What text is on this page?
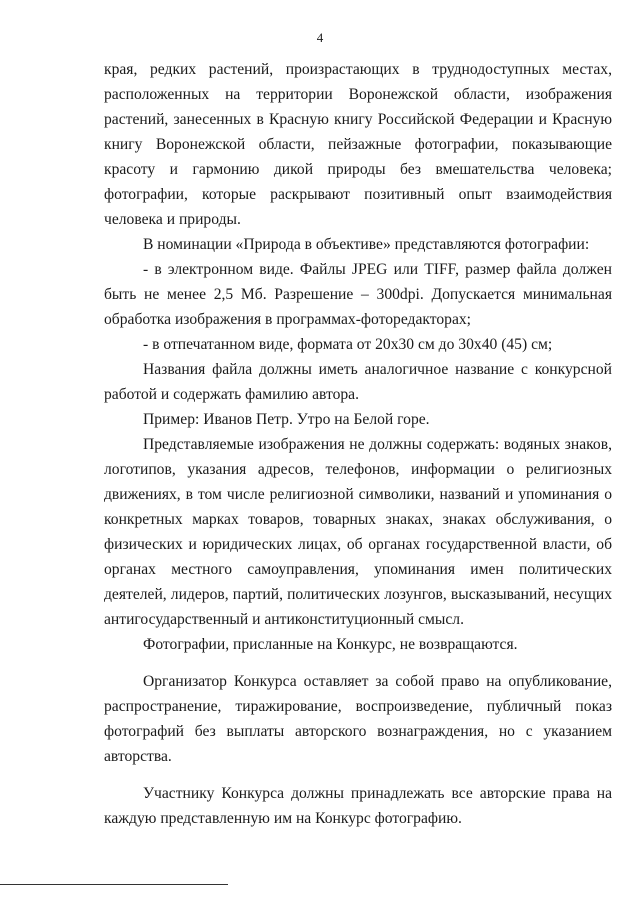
4

края, редких растений, произрастающих в труднодоступных местах, расположенных на территории Воронежской области, изображения растений, занесенных в Красную книгу Российской Федерации и Красную книгу Воронежской области, пейзажные фотографии, показывающие красоту и гармонию дикой природы без вмешательства человека; фотографии, которые раскрывают позитивный опыт взаимодействия человека и природы.

В номинации «Природа в объективе» представляются фотографии:

- в электронном виде. Файлы JPEG или TIFF, размер файла должен быть не менее 2,5 Мб. Разрешение – 300dpi. Допускается минимальная обработка изображения в программах-фоторедакторах;

- в отпечатанном виде, формата от 20x30 см до 30x40 (45) см;

Названия файла должны иметь аналогичное название с конкурсной работой и содержать фамилию автора.

Пример: Иванов Петр. Утро на Белой горе.

Представляемые изображения не должны содержать: водяных знаков, логотипов, указания адресов, телефонов, информации о религиозных движениях, в том числе религиозной символики, названий и упоминания о конкретных марках товаров, товарных знаках, знаках обслуживания, о физических и юридических лицах, об органах государственной власти, об органах местного самоуправления, упоминания имен политических деятелей, лидеров, партий, политических лозунгов, высказываний, несущих антигосударственный и антиконституционный смысл.

Фотографии, присланные на Конкурс, не возвращаются.

Организатор Конкурса оставляет за собой право на опубликование, распространение, тиражирование, воспроизведение, публичный показ фотографий без выплаты авторского вознаграждения, но с указанием авторства.

Участнику Конкурса должны принадлежать все авторские права на каждую представленную им на Конкурс фотографию.
